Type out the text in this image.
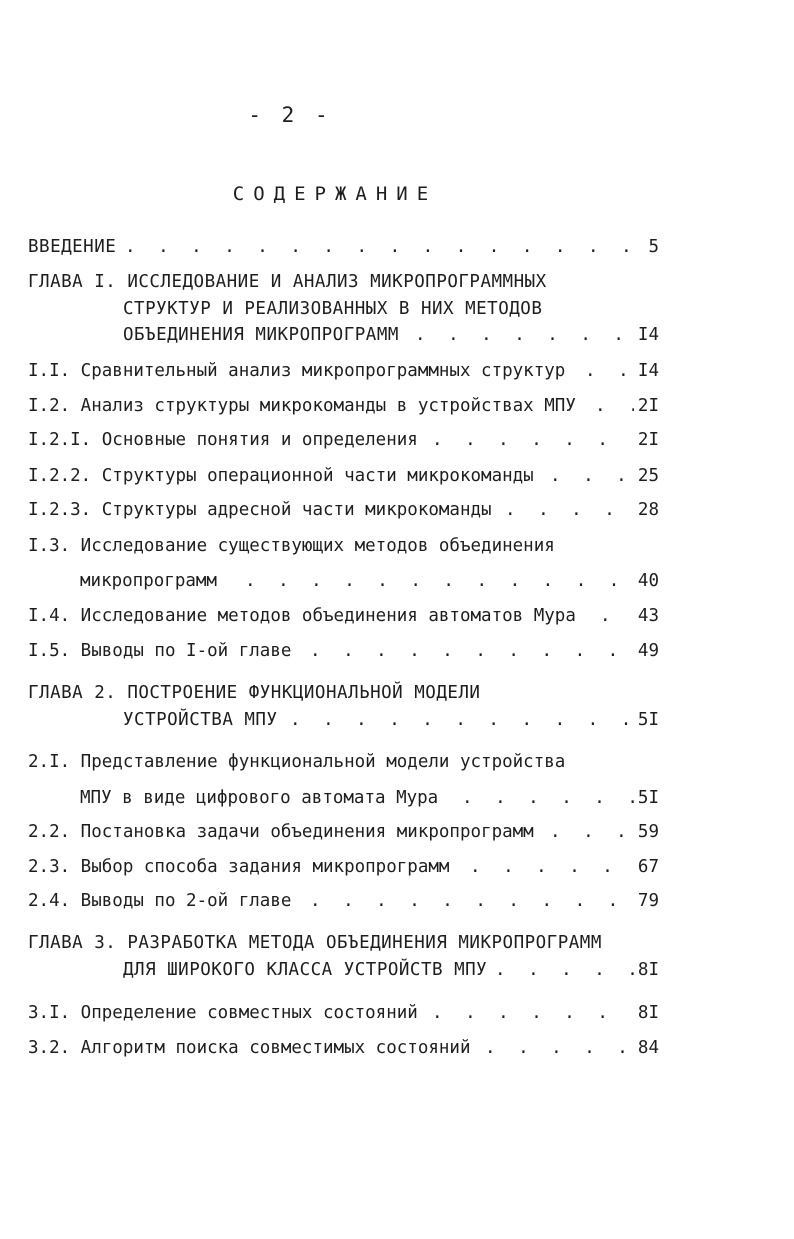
- 2 -
СОДЕРЖАНИЕ
ВВЕДЕНИЕ . . .	5
ГЛАВА I. ИССЛЕДОВАНИЕ И АНАЛИЗ МИКРОПРОГРАММНЫХ
СТРУКТУР И РЕАЛИЗОВАННЫХ В НИХ МЕТОДОВ
ОБЪЕДИНЕНИЯ МИКРОПРОГРАММ . . .	I4
I.I. Сравнительный анализ микропрограммных структур . . .	I4
I.2. Анализ структуры микрокоманды в устройствах МПУ . . .	2I
I.2.I. Основные понятия и определения . . .	2I
I.2.2. Структуры операционной части микрокоманды . . .	25
I.2.3. Структуры адресной части микрокоманды . . .	28
I.3. Исследование существующих методов объединения
микропрограмм . . .	40
I.4. Исследование методов объединения автоматов Мура . . .	43
I.5. Выводы по I-ой главе . . .	49
ГЛАВА 2. ПОСТРОЕНИЕ ФУНКЦИОНАЛЬНОЙ МОДЕЛИ
УСТРОЙСТВА МПУ . . .	5I
2.I. Представление функциональной модели устройства
МПУ в виде цифрового автомата Мура . . .	5I
2.2. Постановка задачи объединения микропрограмм . . .	59
2.3. Выбор способа задания микропрограмм . . .	67
2.4. Выводы по 2-ой главе . . .	79
ГЛАВА 3. РАЗРАБОТКА МЕТОДА ОБЪЕДИНЕНИЯ МИКРОПРОГРАММ
ДЛЯ ШИРОКОГО КЛАССА УСТРОЙСТВ МПУ . . .	8I
3.I. Определение совместных состояний . . .	8I
3.2. Алгоритм поиска совместимых состояний . . .	84
